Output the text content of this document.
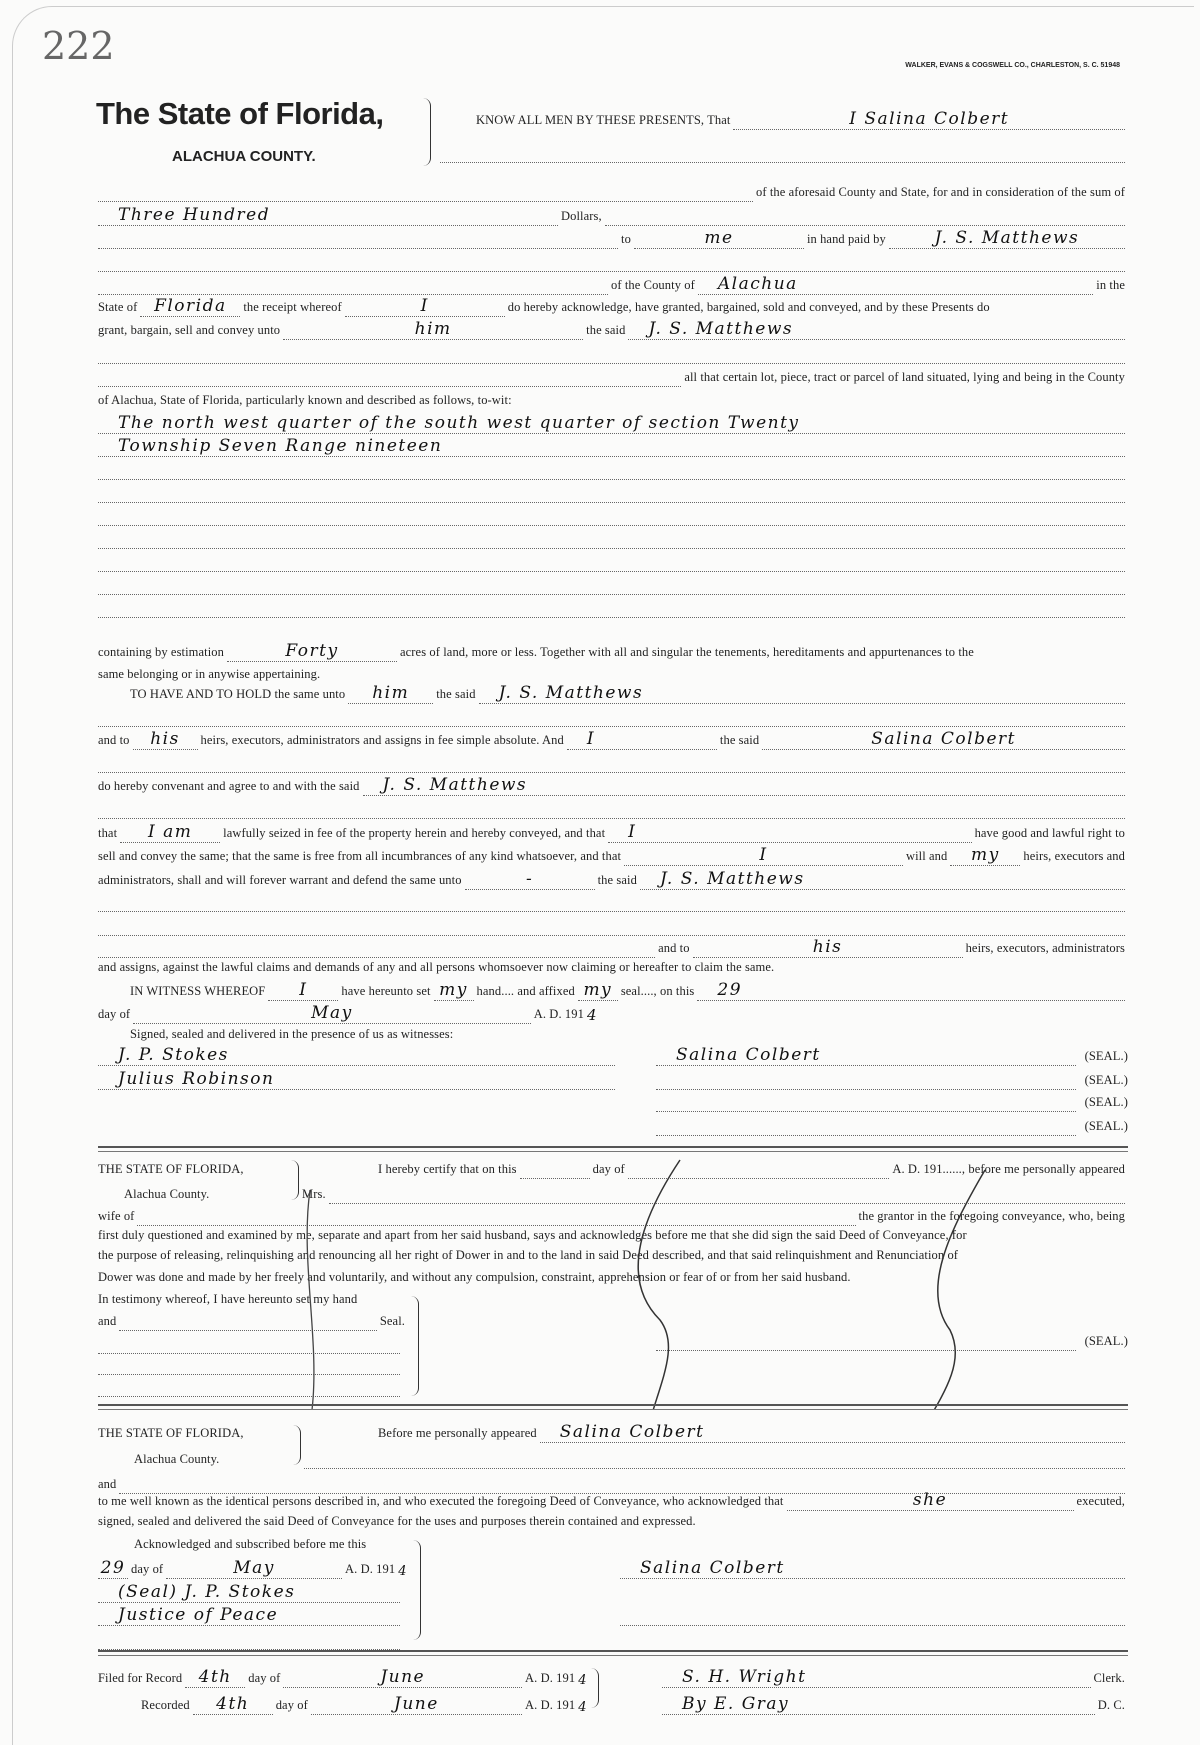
222	WALKER, EVANS & COGSWELL CO., CHARLESTON, S. C. 51948
The State of Florida,
ALACHUA COUNTY.
KNOW ALL MEN BY THESE PRESENTS, That	I Salina Colbert
of the aforesaid County and State, for and in consideration of the sum of
Three Hundred	Dollars,
to	me	in hand paid by	J. S. Matthews
of the County of	Alachua	in the
State of Florida	the receipt whereof	I	do hereby acknowledge, have granted, bargained, sold and conveyed, and by these Presents do
grant, bargain, sell and convey unto	him	the said	J. S. Matthews
all that certain lot, piece, tract or parcel of land situated, lying and being in the County
of Alachua, State of Florida, particularly known and described as follows, to-wit:
The north west quarter of the south west quarter of section Twenty
Township Seven Range nineteen
containing by estimation	Forty	acres of land, more or less. Together with all and singular the tenements, hereditaments and appurtenances to the
same belonging or in anywise appertaining.
TO HAVE AND TO HOLD the same unto	him	the said	J. S. Matthews
and to	his	heirs, executors, administrators and assigns in fee simple absolute. And	I	the said	Salina Colbert
do hereby convenant and agree to and with the said	J. S. Matthews
that	I am	lawfully seized in fee of the property herein and hereby conveyed, and that	I	have good and lawful right to
sell and convey the same; that the same is free from all incumbrances of any kind whatsoever, and that	I	will and	my	heirs, executors and
administrators, shall and will forever warrant and defend the same unto	-	the said	J. S. Matthews
and to	his	heirs, executors, administrators
and assigns, against the lawful claims and demands of any and all persons whomsoever now claiming or hereafter to claim the same.
IN WITNESS WHEREOF	I	have hereunto set my hand.... and affixed my seal...., on this	29
day of	May	A. D. 191 4
Signed, sealed and delivered in the presence of us as witnesses:
J. P. Stokes
Julius Robinson
Salina Colbert	(SEAL.)
(SEAL.)
(SEAL.)
(SEAL.)
THE STATE OF FLORIDA,
Alachua County.
I hereby certify that on this	day of	A. D. 191......, before me personally appeared
Mrs.
wife of	the grantor in the foregoing conveyance, who, being
first duly questioned and examined by me, separate and apart from her said husband, says and acknowledges before me that she did sign the said Deed of Conveyance, for
the purpose of releasing, relinquishing and renouncing all her right of Dower in and to the land in said Deed described, and that said relinquishment and Renunciation of
Dower was done and made by her freely and voluntarily, and without any compulsion, constraint, apprehension or fear of or from her said husband.
In testimony whereof, I have hereunto set my hand
and	Seal.
(SEAL.)
THE STATE OF FLORIDA,
Alachua County.
Before me personally appeared	Salina Colbert
and
to me well known as the identical persons described in, and who executed the foregoing Deed of Conveyance, who acknowledged that	she	executed,
signed, sealed and delivered the said Deed of Conveyance for the uses and purposes therein contained and expressed.
Acknowledged and subscribed before me this
29 day of	May	A. D. 191 4
(Seal) J. P. Stokes
Justice of Peace
Salina Colbert
Filed for Record 4th	day of	June	A. D. 191 4
Recorded	4th	day of	June	A. D. 191 4
S. H. Wright	Clerk.
By E. Gray	D. C.
